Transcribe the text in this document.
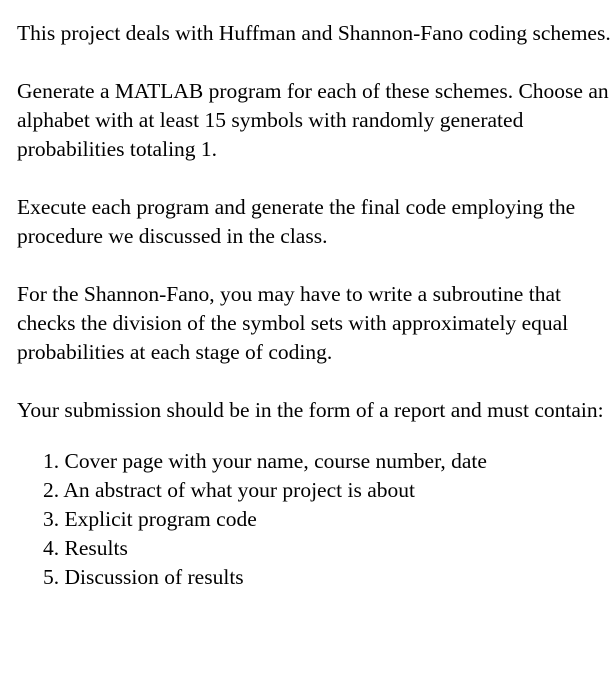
This project deals with Huffman and Shannon-Fano coding schemes.

Generate a MATLAB program for each of these schemes. Choose an alphabet with at least 15 symbols with randomly generated probabilities totaling 1.

Execute each program and generate the final code employing the procedure we discussed in the class.

For the Shannon-Fano, you may have to write a subroutine that checks the division of the symbol sets with approximately equal probabilities at each stage of coding.

Your submission should be in the form of a report and must contain:

1. Cover page with your name, course number, date
2. An abstract of what your project is about
3. Explicit program code
4. Results
5. Discussion of results
